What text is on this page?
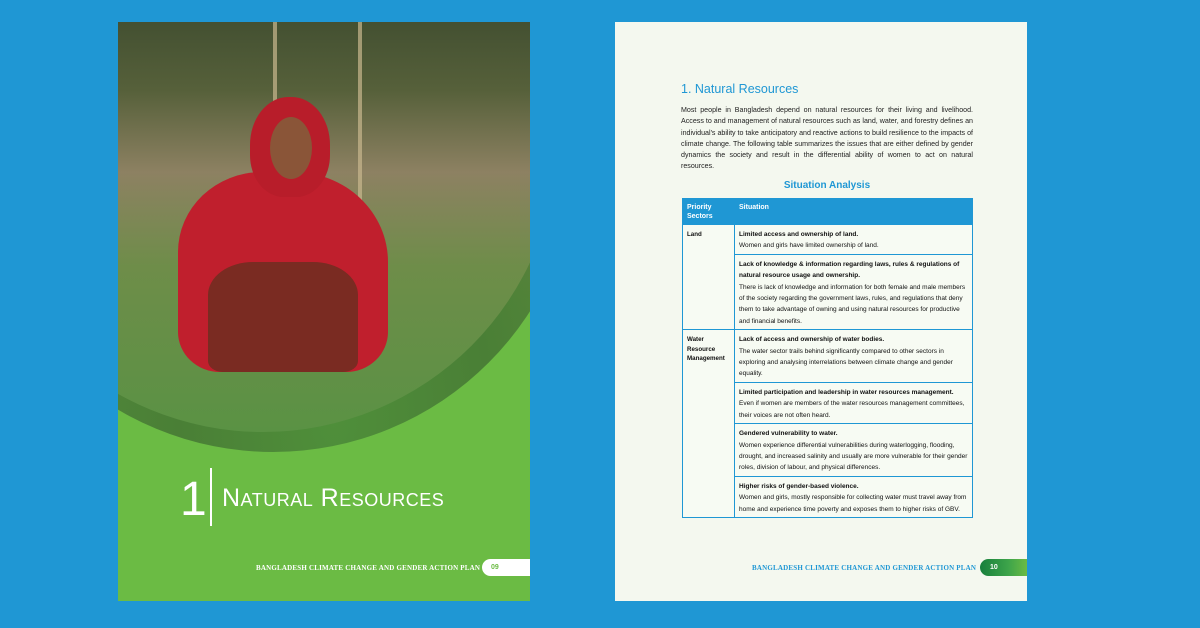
1 Natural Resources
BANGLADESH CLIMATE CHANGE AND GENDER ACTION PLAN	09
1. Natural Resources

Most people in Bangladesh depend on natural resources for their living and livelihood. Access to and management of natural resources such as land, water, and forestry defines an individual's ability to take anticipatory and reactive actions to build resilience to the impacts of climate change. The following table summarizes the issues that are either defined by gender dynamics the society and result in the differential ability of women to act on natural resources.

Situation Analysis
Priority Sectors	Situation
Land	Limited access and ownership of land.
Women and girls have limited ownership of land.

	Lack of knowledge & information regarding laws, rules & regulations of natural resource usage and ownership.
There is lack of knowledge and information for both female and male members of the society regarding the government laws, rules, and regulations that deny them to take advantage of owning and using natural resources for productive and financial benefits.

Water Resource Management	Lack of access and ownership of water bodies.
The water sector trails behind significantly compared to other sectors in exploring and analysing interrelations between climate change and gender equality.

	Limited participation and leadership in water resources management.
Even if women are members of the water resources management committees, their voices are not often heard.

	Gendered vulnerability to water.
Women experience differential vulnerabilities during waterlogging, flooding, drought, and increased salinity and usually are more vulnerable for their gender roles, division of labour, and physical differences.

	Higher risks of gender-based violence.
Women and girls, mostly responsible for collecting water must travel away from home and experience time poverty and exposes them to higher risks of GBV.
BANGLADESH CLIMATE CHANGE AND GENDER ACTION PLAN	10
